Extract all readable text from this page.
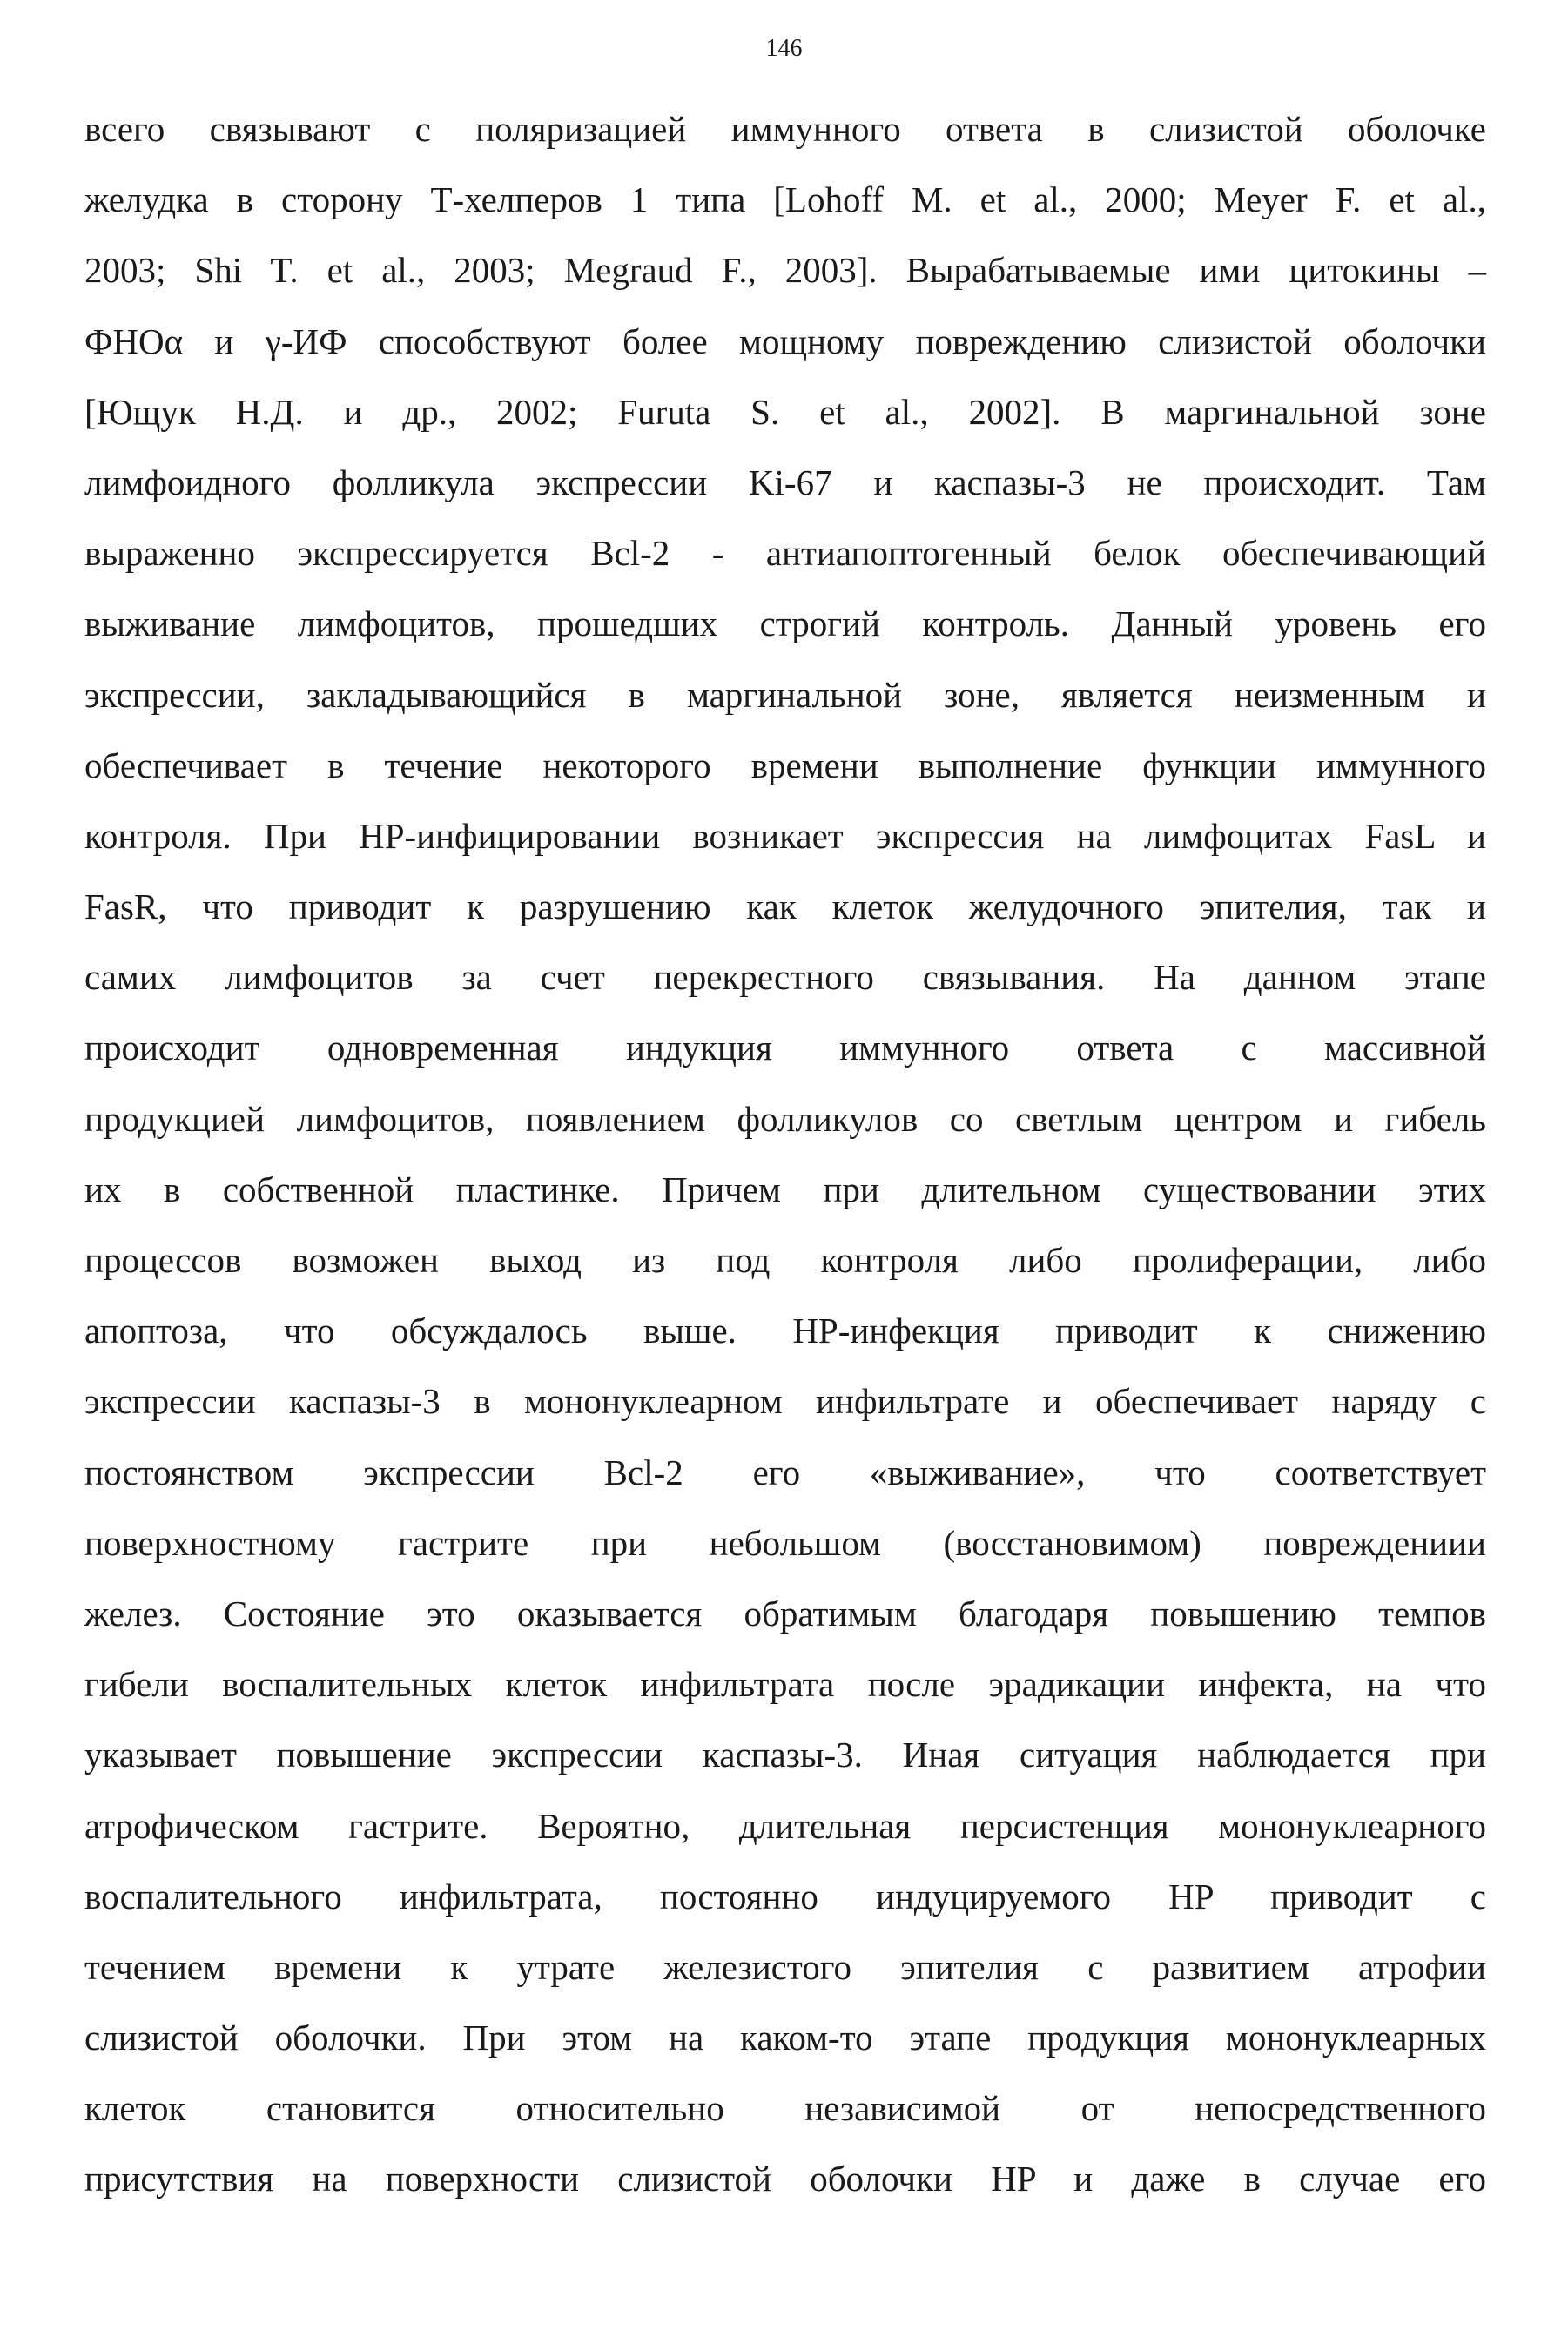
146
всего связывают с поляризацией иммунного ответа в слизистой оболочке
желудка в сторону Т-хелперов 1 типа [Lohoff M. et al., 2000; Meyer F. et al.,
2003; Shi T. et al., 2003; Megraud F., 2003]. Вырабатываемые ими цитокины –
ФНОα и γ-ИФ способствуют более мощному повреждению слизистой оболочки
[Ющук Н.Д. и др., 2002; Furuta S. et al., 2002]. В маргинальной зоне
лимфоидного фолликула экспрессии Ki-67 и каспазы-3 не происходит. Там
выраженно экспрессируется Bcl-2 - антиапоптогенный белок обеспечивающий
выживание лимфоцитов, прошедших строгий контроль. Данный уровень его
экспрессии, закладывающийся в маргинальной зоне, является неизменным и
обеспечивает в течение некоторого времени выполнение функции иммунного
контроля. При HP-инфицировании возникает экспрессия на лимфоцитах FasL и
FasR, что приводит к разрушению как клеток желудочного эпителия, так и
самих лимфоцитов за счет перекрестного связывания. На данном этапе
происходит одновременная индукция иммунного ответа с массивной
продукцией лимфоцитов, появлением фолликулов со светлым центром и гибель
их в собственной пластинке. Причем при длительном существовании этих
процессов возможен выход из под контроля либо пролиферации, либо
апоптоза, что обсуждалось выше. HP-инфекция приводит к снижению
экспрессии каспазы-3 в мононуклеарном инфильтрате и обеспечивает наряду с
постоянством экспрессии Bcl-2 его «выживание», что соответствует
поверхностному гастрите при небольшом (восстановимом) повреждениии
желез. Состояние это оказывается обратимым благодаря повышению темпов
гибели воспалительных клеток инфильтрата после эрадикации инфекта, на что
указывает повышение экспрессии каспазы-3. Иная ситуация наблюдается при
атрофическом гастрите. Вероятно, длительная персистенция мононуклеарного
воспалительного инфильтрата, постоянно индуцируемого HP приводит с
течением времени к утрате железистого эпителия с развитием атрофии
слизистой оболочки. При этом на каком-то этапе продукция мононуклеарных
клеток становится относительно независимой от непосредственного
присутствия на поверхности слизистой оболочки HP и даже в случае его
